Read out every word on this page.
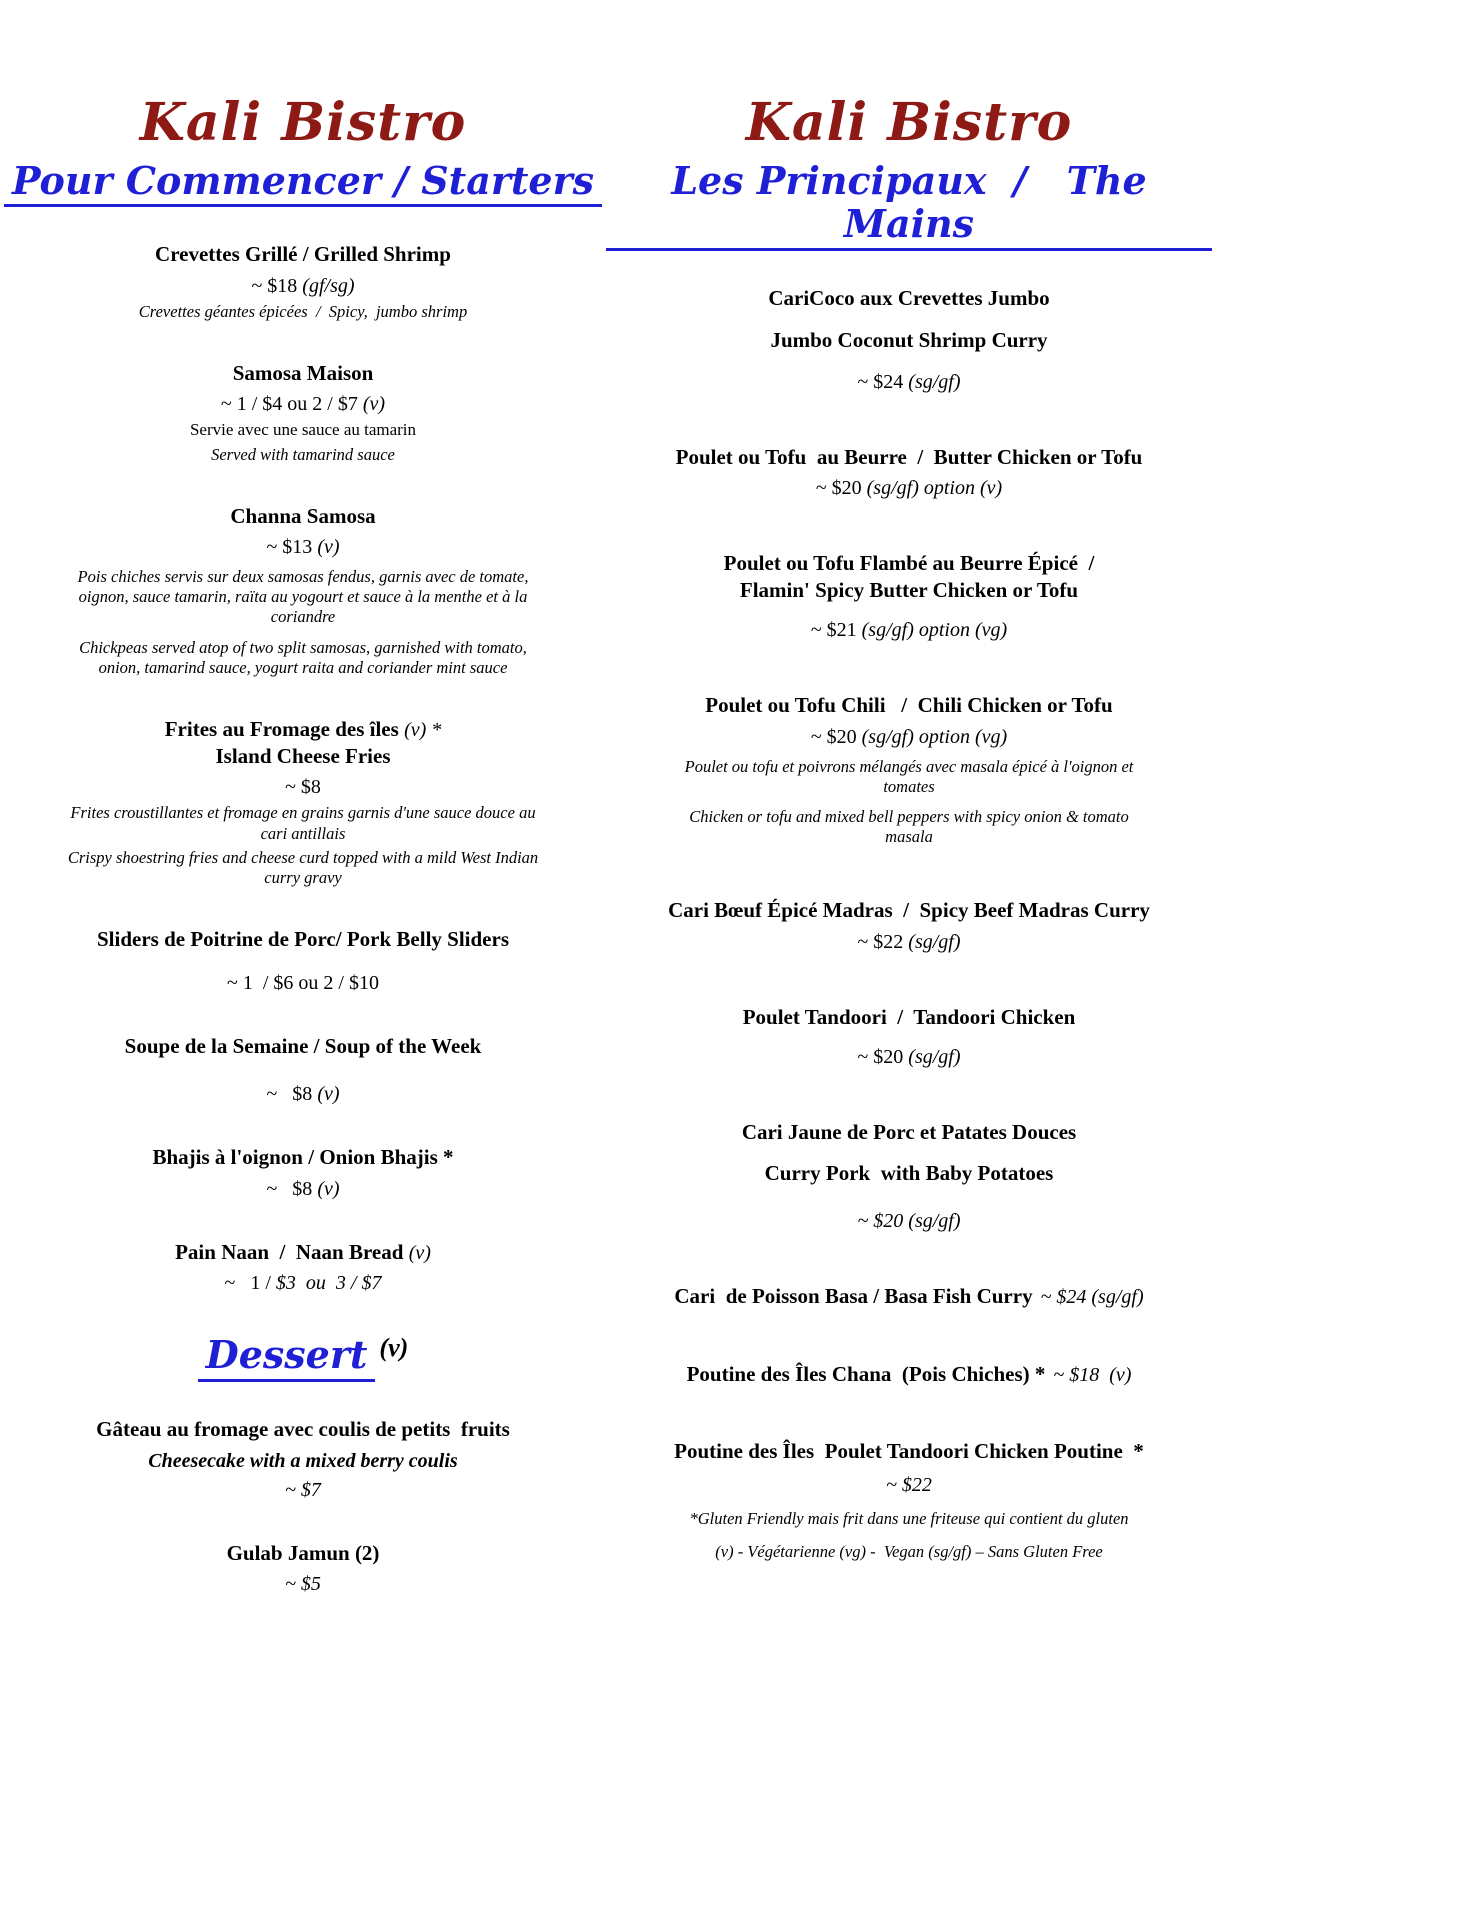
Kali Bistro
Pour Commencer / Starters
Crevettes Grillé / Grilled Shrimp
~ $18 (gf/sg)
Crevettes géantes épicées  /  Spicy,  jumbo shrimp
Samosa Maison
~ 1 / $4 ou 2 / $7 (v)
Servie avec une sauce au tamarin
Served with tamarind sauce
Channa Samosa
~ $13 (v)
Pois chiches servis sur deux samosas fendus, garnis avec de tomate, oignon, sauce tamarin, raïta au yogourt et sauce à la menthe et à la coriandre
Chickpeas served atop of two split samosas, garnished with tomato, onion, tamarind sauce, yogurt raita and coriander mint sauce
Frites au Fromage des îles (v) *
Island Cheese Fries
~ $8
Frites croustillantes et fromage en grains garnis d'une sauce douce au cari antillais
Crispy shoestring fries and cheese curd topped with a mild West Indian curry gravy
Sliders de Poitrine de Porc/ Pork Belly Sliders
~ 1  / $6 ou 2 / $10
Soupe de la Semaine / Soup of the Week
~   $8 (v)
Bhajis à l'oignon / Onion Bhajis *
~   $8 (v)
Pain Naan  /  Naan Bread (v)
~   1 / $3  ou  3 / $7
Dessert (v)
Gâteau au fromage avec coulis de petits  fruits
Cheesecake with a mixed berry coulis
~ $7
Gulab Jamun (2)
~ $5
Kali Bistro
Les Principaux  /   The Mains
CariCoco aux Crevettes Jumbo
Jumbo Coconut Shrimp Curry
~ $24 (sg/gf)
Poulet ou Tofu  au Beurre  /  Butter Chicken or Tofu
~ $20 (sg/gf) option (v)
Poulet ou Tofu Flambé au Beurre Épicé  /
Flamin' Spicy Butter Chicken or Tofu
~ $21 (sg/gf) option (vg)
Poulet ou Tofu Chili   /  Chili Chicken or Tofu
~ $20 (sg/gf) option (vg)
Poulet ou tofu et poivrons mélangés avec masala épicé à l'oignon et tomates
Chicken or tofu and mixed bell peppers with spicy onion & tomato masala
Cari Bœuf Épicé Madras  /  Spicy Beef Madras Curry
~ $22 (sg/gf)
Poulet Tandoori  /  Tandoori Chicken
~ $20 (sg/gf)
Cari Jaune de Porc et Patates Douces
Curry Pork  with Baby Potatoes
~ $20 (sg/gf)
Cari  de Poisson Basa / Basa Fish Curry ~ $24 (sg/gf)
Poutine des Îles Chana  (Pois Chiches) * ~ $18  (v)
Poutine des Îles  Poulet Tandoori Chicken Poutine  *
~ $22
*Gluten Friendly mais frit dans une friteuse qui contient du gluten
(v) - Végétarienne (vg) -  Vegan (sg/gf) – Sans Gluten Free
